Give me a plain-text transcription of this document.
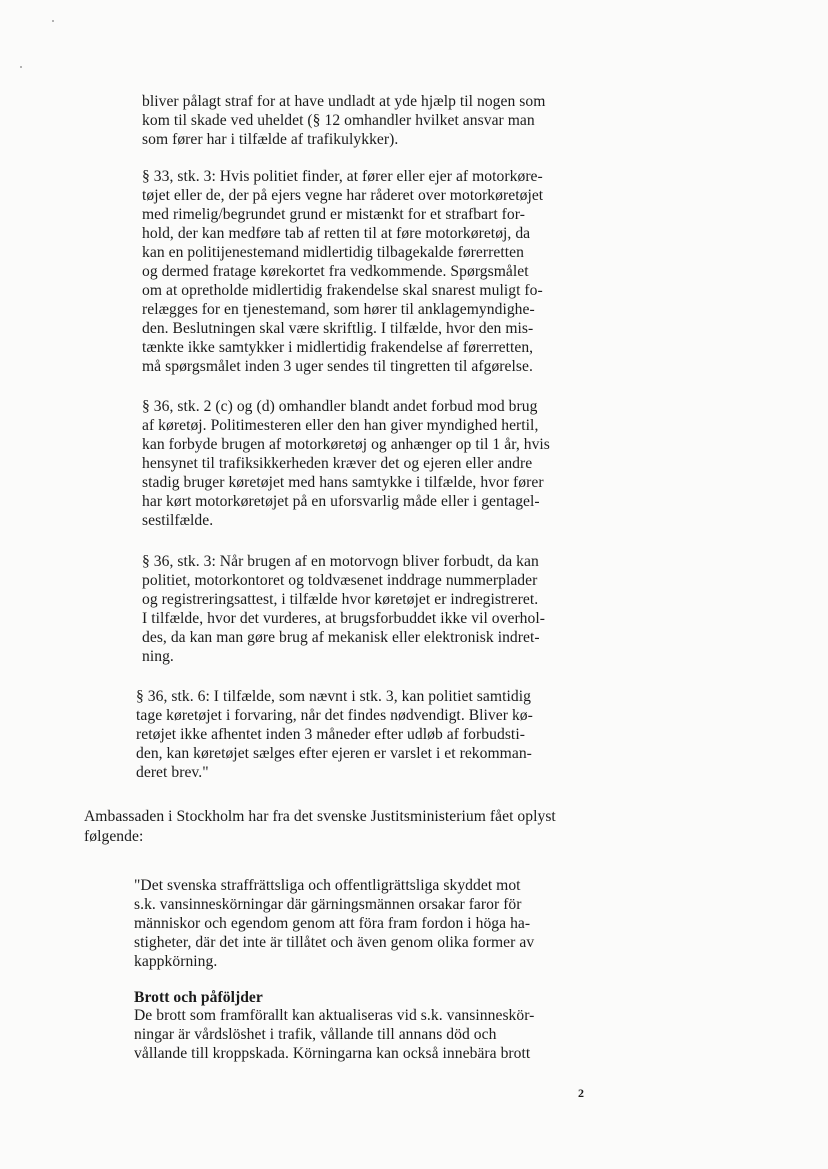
bliver pålagt straf for at have undladt at yde hjælp til nogen som
kom til skade ved uheldet (§ 12 omhandler hvilket ansvar man
som fører har i tilfælde af trafikulykker).
§ 33, stk. 3: Hvis politiet finder, at fører eller ejer af motorkøre-
tøjet eller de, der på ejers vegne har råderet over motorkøretøjet
med rimelig/begrundet grund er mistænkt for et strafbart for-
hold, der kan medføre tab af retten til at føre motorkøretøj, da
kan en politijenestemand midlertidig tilbagekalde førerretten
og dermed fratage kørekortet fra vedkommende. Spørgsmålet
om at opretholde midlertidig frakendelse skal snarest muligt fo-
relægges for en tjenestemand, som hører til anklagemyndighe-
den. Beslutningen skal være skriftlig. I tilfælde, hvor den mis-
tænkte ikke samtykker i midlertidig frakendelse af førerretten,
må spørgsmålet inden 3 uger sendes til tingretten til afgørelse.
§ 36, stk. 2 (c) og (d) omhandler blandt andet forbud mod brug
af køretøj. Politimesteren eller den han giver myndighed hertil,
kan forbyde brugen af motorkøretøj og anhænger op til 1 år, hvis
hensynet til trafiksikkerheden kræver det og ejeren eller andre
stadig bruger køretøjet med hans samtykke i tilfælde, hvor fører
har kørt motorkøretøjet på en uforsvarlig måde eller i gentagel-
sestilfælde.
§ 36, stk. 3: Når brugen af en motorvogn bliver forbudt, da kan
politiet, motorkontoret og toldvæsenet inddrage nummerplader
og registreringsattest, i tilfælde hvor køretøjet er indregistreret.
I tilfælde, hvor det vurderes, at brugsforbuddet ikke vil overhol-
des, da kan man gøre brug af mekanisk eller elektronisk indret-
ning.
§ 36, stk. 6: I tilfælde, som nævnt i stk. 3, kan politiet samtidig
tage køretøjet i forvaring, når det findes nødvendigt. Bliver kø-
retøjet ikke afhentet inden 3 måneder efter udløb af forbudsti-
den, kan køretøjet sælges efter ejeren er varslet i et rekomman-
deret brev."
Ambassaden i Stockholm har fra det svenske Justitsministerium fået oplyst
følgende:
"Det svenska straffrättsliga och offentligrättsliga skyddet mot
s.k. vansinneskörningar där gärningsmännen orsakar faror för
människor och egendom genom att föra fram fordon i höga ha-
stigheter, där det inte är tillåtet och även genom olika former av
kappkörning.
Brott och påföljder
De brott som framförallt kan aktualiseras vid s.k. vansinneskör-
ningar är vårdslöshet i trafik, vållande till annans död och
vållande till kroppskada. Körningarna kan också innebära brott
2
